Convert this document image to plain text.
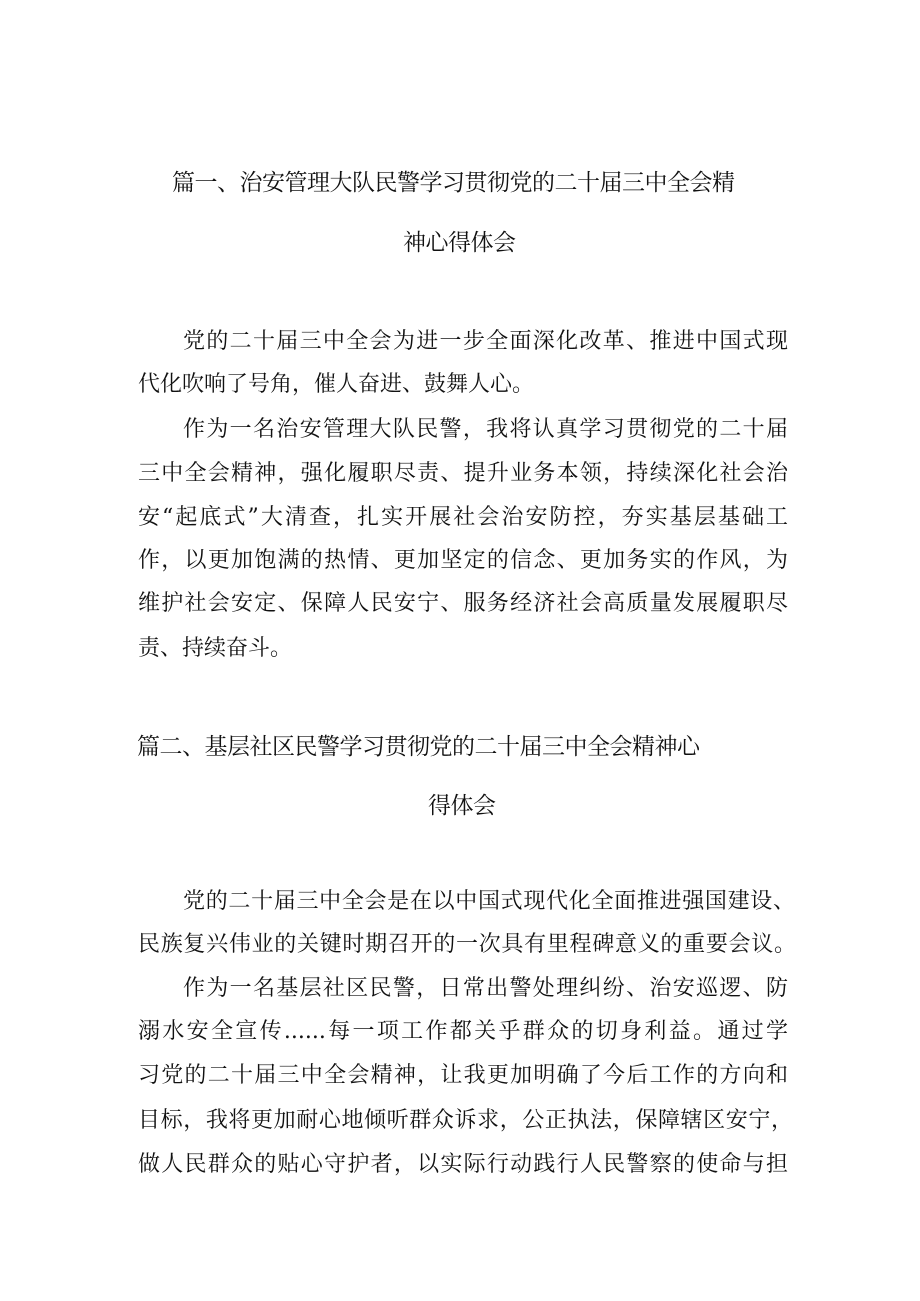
篇一、治安管理大队民警学习贯彻党的二十届三中全会精
神心得体会
党的二十届三中全会为进一步全面深化改革、推进中国式现
代化吹响了号角，催人奋进、鼓舞人心。
作为一名治安管理大队民警，我将认真学习贯彻党的二十届
三中全会精神，强化履职尽责、提升业务本领，持续深化社会治
安“起底式”大清查，扎实开展社会治安防控，夯实基层基础工
作，以更加饱满的热情、更加坚定的信念、更加务实的作风，为
维护社会安定、保障人民安宁、服务经济社会高质量发展履职尽
责、持续奋斗。
篇二、基层社区民警学习贯彻党的二十届三中全会精神心
得体会
党的二十届三中全会是在以中国式现代化全面推进强国建设、
民族复兴伟业的关键时期召开的一次具有里程碑意义的重要会议。
作为一名基层社区民警，日常出警处理纠纷、治安巡逻、防
溺水安全宣传......每一项工作都关乎群众的切身利益。通过学
习党的二十届三中全会精神，让我更加明确了今后工作的方向和
目标，我将更加耐心地倾听群众诉求，公正执法，保障辖区安宁，
做人民群众的贴心守护者，以实际行动践行人民警察的使命与担
